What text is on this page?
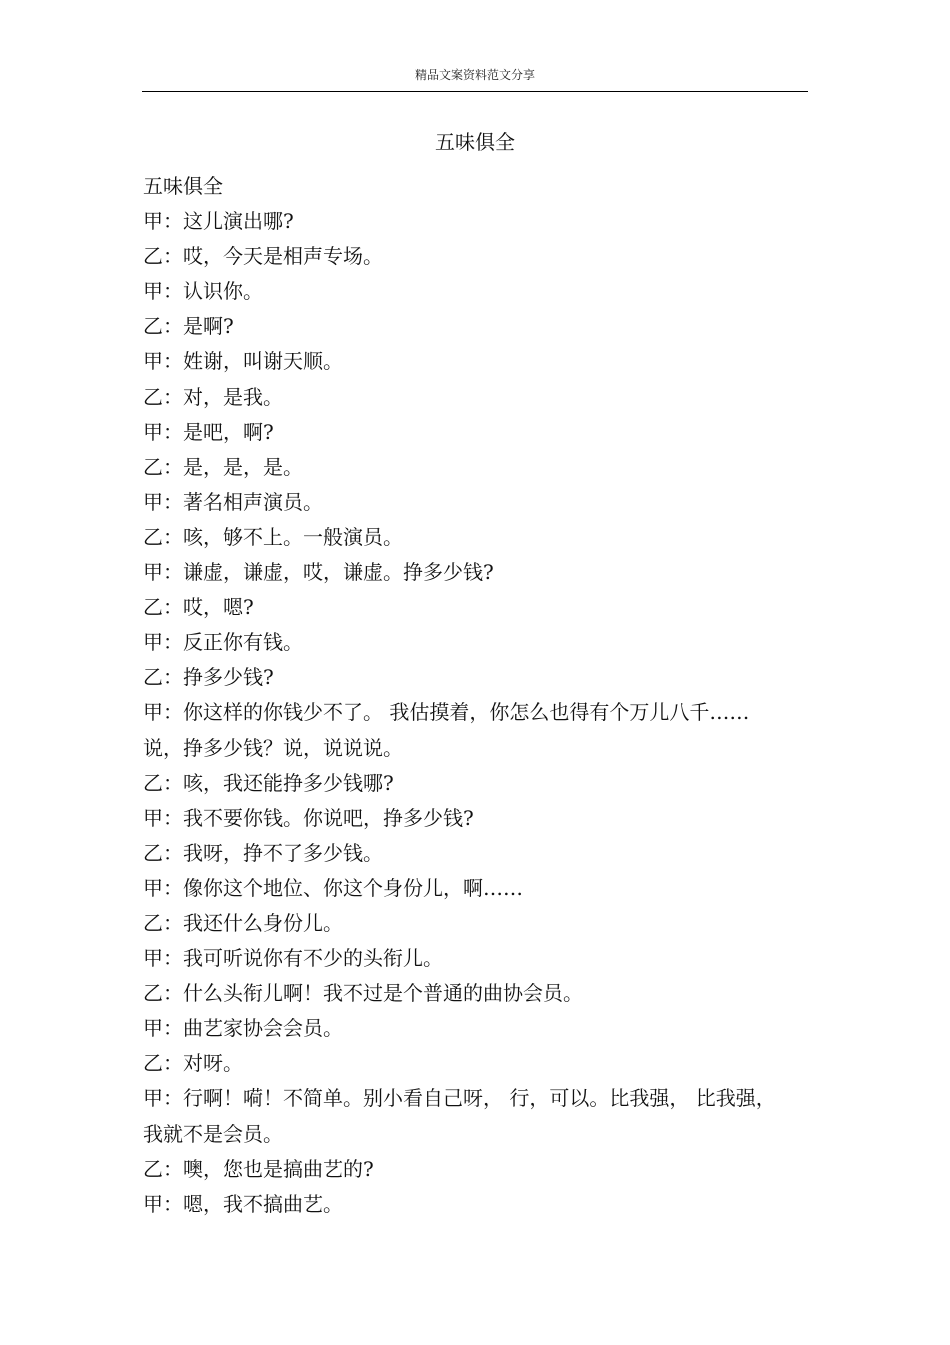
精品文案资料范文分享
五味俱全
五味俱全
甲：这儿演出哪?
乙：哎，今天是相声专场。
甲：认识你。
乙：是啊?
甲：姓谢，叫谢天顺。
乙：对，是我。
甲：是吧，啊?
乙：是，是，是。
甲：著名相声演员。
乙：咳，够不上。一般演员。
甲：谦虚，谦虚，哎，谦虚。挣多少钱?
乙：哎，嗯?
甲：反正你有钱。
乙：挣多少钱?
甲：你这样的你钱少不了。 我估摸着，你怎么也得有个万儿八千……
说，挣多少钱？说，说说说。
乙：咳，我还能挣多少钱哪?
甲：我不要你钱。你说吧，挣多少钱?
乙：我呀，挣不了多少钱。
甲：像你这个地位、你这个身份儿，啊……
乙：我还什么身份儿。
甲：我可听说你有不少的头衔儿。
乙：什么头衔儿啊！我不过是个普通的曲协会员。
甲：曲艺家协会会员。
乙：对呀。
甲：行啊！嗬！不简单。别小看自己呀， 行，可以。比我强， 比我强，
我就不是会员。
乙：噢，您也是搞曲艺的?
甲：嗯，我不搞曲艺。
